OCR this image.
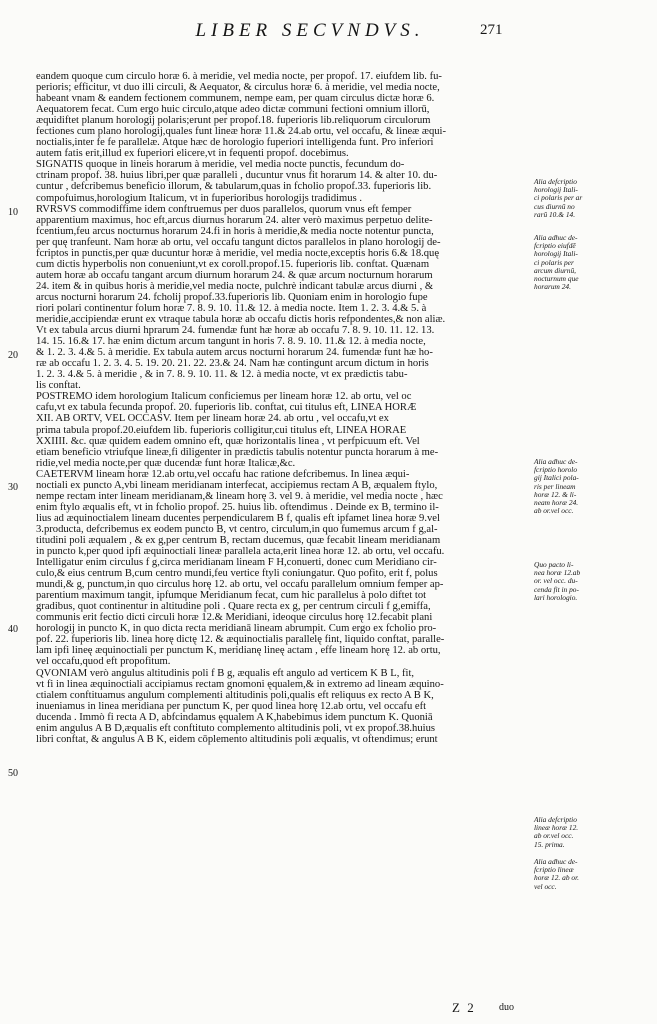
LIBER SECVNDVS.	271
eandem quoque cum circulo horæ 6. à meridie, vel media nocte, per propof. 17. eiufdem lib. fu-
perioris; efficitur, vt duo illi circuli, & Aequator, & circulus horæ 6. à meridie, vel media nocte,
habeant vnam & eandem fectionem communem, nempe eam, per quam circulus dictæ horæ 6.
Aequatorem fecat. Cum ergo huic circulo,atque adeo dictæ communi fectioni omnium illorū,
æquidiftet planum horologij polaris;erunt per propof.18. fuperioris lib.reliquorum circulorum
fectiones cum plano horologij,quales funt lineæ horæ 11.& 24.ab ortu, vel occafu, & lineæ æqui-
noctialis,inter fe fe parallelæ. Atque hæc de horologio fuperiori intelligenda funt. Pro inferiori
autem fatis erit,illud ex fuperiori elicere,vt in fequenti propof. docebimus.
SIGNATIS quoque in lineis horarum à meridie, vel media nocte punctis, fecundum do-
ctrinam propof. 38. huius libri,per quæ paralleli , ducuntur vnus fit horarum 14. & alter 10. du-
cuntur , defcribemus beneficio illorum, & tabularum,quas in fcholio propof.33. fuperioris lib.
compofuimus,horologium Italicum, vt in fuperioribus horologijs tradidimus .
RVRSVS commodiffime idem conftruemus per duos parallelos, quorum vnus eft femper
apparentium maximus, hoc eft,arcus diurnus horarum 24. alter verò maximus perpetuo delite-
fcentium,feu arcus nocturnus horarum 24.fi in horis à meridie,& media nocte notentur puncta,
per quę tranfeunt. Nam horæ ab ortu, vel occafu tangunt dictos parallelos in plano horologij de-
fcriptos in punctis,per quæ ducuntur horæ à meridie, vel media nocte,exceptis horis 6.& 18.quę
cum dictis hyperbolis non conueniunt,vt ex coroll.propof.15. fuperioris lib. conftat. Quænam
autem horæ ab occafu tangant arcum diurnum horarum 24. & quæ arcum nocturnum horarum
24. item & in quibus horis à meridie,vel media nocte, pulchrè indicant tabulæ arcus diurni , &
arcus nocturni horarum 24. fcholij propof.33.fuperioris lib. Quoniam enim in horologio fupe
riori polari continentur folum horæ 7. 8. 9. 10. 11.& 12. à media nocte. Item 1. 2. 3. 4.& 5. à
meridie,accipiendæ erunt ex vtraque tabula horæ ab occafu dictis horis refpondentes,& non aliæ.
Vt ex tabula arcus diurni hprarum 24. fumendæ funt hæ horæ ab occafu 7. 8. 9. 10. 11. 12. 13.
14. 15. 16.& 17. hæ enim dictum arcum tangunt in horis 7. 8. 9. 10. 11.& 12. à media nocte,
& 1. 2. 3. 4.& 5. à meridie. Ex tabula autem arcus nocturni horarum 24. fumendæ funt hæ ho-
ræ ab occafu 1. 2. 3. 4. 5. 19. 20. 21. 22. 23.& 24. Nam hæ contingunt arcum dictum in horis
1. 2. 3. 4.& 5. à meridie , & in 7. 8. 9. 10. 11. & 12. à media nocte, vt ex prædictis tabu-
lis conftat.
POSTREMO idem horologium Italicum conficiemus per lineam horæ 12. ab ortu, vel oc
cafu,vt ex tabula fecunda propof. 20. fuperioris lib. conftat, cui titulus eft, LINEA HORÆ
XII. AB ORTV, VEL OCCASV. Item per lineam horæ 24. ab ortu , vel occafu,vt ex
prima tabula propof.20.eiufdem lib. fuperioris colligitur,cui titulus eft, LINEA HORAE
XXIIII. &c. quæ quidem eadem omnino eft, quæ horizontalis linea , vt perfpicuum eft. Vel
etiam beneficio vtriufque lineæ,fi diligenter in prædictis tabulis notentur puncta horarum à me-
ridie,vel media nocte,per quæ ducendæ funt horæ Italicæ,&c.
CAETERVM lineam horæ 12.ab ortu,vel occafu hac ratione defcribemus. In linea æqui-
noctiali ex puncto A,vbi lineam meridianam interfecat, accipiemus rectam A B, æqualem ftylo,
nempe rectam inter lineam meridianam,& lineam horę 3. vel 9. à meridie, vel media nocte , hæc
enim ftylo æqualis eft, vt in fcholio propof. 25. huius lib. oftendimus . Deinde ex B, termino il-
lius ad æquinoctialem lineam ducentes perpendicularem B f, qualis eft ipfamet linea horæ 9.vel
3.producta, defcribemus ex eodem puncto B, vt centro, circulum,in quo fumemus arcum f g,al-
titudini poli æqualem , & ex g,per centrum B, rectam ducemus, quæ fecabit lineam meridianam
in puncto k,per quod ipfi æquinoctiali lineæ parallela acta,erit linea horæ 12. ab ortu, vel occafu.
Intelligatur enim circulus f g,circa meridianam lineam F H,conuerti, donec cum Meridiano cir-
culo,& eius centrum B,cum centro mundi,feu vertice ftyli coniungatur. Quo pofito, erit f, polus
mundi,& g, punctum,in quo circulus horę 12. ab ortu, vel occafu parallelum omnium femper ap-
parentium maximum tangit, ipfumque Meridianum fecat, cum hic parallelus à polo diftet tot
gradibus, quot continentur in altitudine poli . Quare recta ex g, per centrum circuli f g,emiffa,
communis erit fectio dicti circuli horæ 12.& Meridiani, ideoque circulus horę 12.fecabit plani
horologij in puncto K, in quo dicta recta meridianā lineam abrumpit. Cum ergo ex fcholio pro-
pof. 22. fuperioris lib. linea horę dictę 12. & æquinoctialis parallelę fint, liquido conftat, paralle-
lam ipfi lineę æquinoctiali per punctum K, meridianę lineę actam , effe lineam horę 12. ab ortu,
vel occafu,quod eft propofitum.
QVONIAM verò angulus altitudinis poli f B g, æqualis eft angulo ad verticem K B L, fit,
vt fi in linea æquinoctiali accipiamus rectam gnomoni ęqualem,& in extremo ad lineam æquino-
ctialem conftituamus angulum complementi altitudinis poli,qualis eft reliquus ex recto A B K,
inueniamus in linea meridiana per punctum K, per quod linea horę 12.ab ortu, vel occafu eft
ducenda . Immò fi recta A D, abfcindamus ęqualem A K,habebimus idem punctum K. Quoniā
enim angulus A B D,æqualis eft conftituto complemento altitudinis poli, vt ex propof.38.huius
libri conftat, & angulus A B K, eidem cōplemento altitudinis poli æqualis, vt oftendimus; erunt
Alia defcriptio
horologij Itali-
ci polaris per ar
cus diurnũ no
rarũ 10.& 14.
Alia adhuc de-
fcriptio eiufdē
horologij Itali-
ci polaris per
arcum diurnũ,
nocturnum que
horarum 24.
Alia adhuc de-
fcriptio horolo
gij Italici pola-
ris per lineam
horæ 12. & li-
neam horæ 24.
ab or.vel occ.
Quo pacto li-
nea horæ 12.ab
or. vel occ. du-
cenda fit in po-
lari horologio.
Alia defcriptio
lineæ horæ 12.
ab or.vel occ.
15. prima.
Alia adhuc de-
fcriptio lineæ
horæ 12. ab or.
vel occ.
10
20
30
40
50
Z 2 duo
